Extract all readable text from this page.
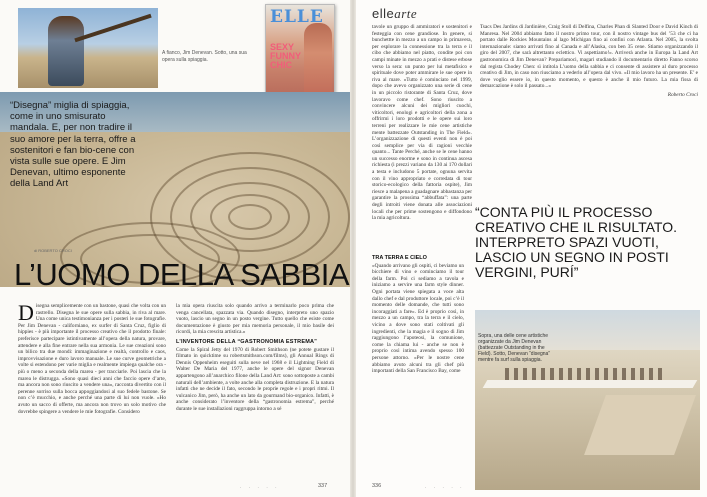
A fianco, Jim Denevan. Sotto, una sua opera sulla spiaggia.
ELLE
SEXY
FUNNY
CHIC
“Disegna” miglia di spiaggia, come in uno smisurato mandala. E, per non tradire il suo amore per la terra, offre a sostenitori e fan bio-cene con vista sulle sue opere. E Jim Denevan, ultimo esponente della Land Art
di ROBERTO CROCI
L’UOMO DELLA SABBIA

Disegna semplicemente con un bastone, quasi che volta con un rastrello. Disegna le sue opere sulla sabbia, in riva al mare. Una come unica testimonianza per i posteri le sue fotografie. Per Jim Denevan - californiano, ex surfer di Santa Cruz, figlio di hippies - è più importante il processo creativo che il prodotto finale: preferisce partecipare istintivamente all’opera della natura, provare, attendere e alla fine entrare nella sua armonia. Le sue creazioni sono un bilico tra due mondi: immaginazione e realtà, controllo e caos, improvvisazione e duro lavoro manuale. Le sue curve geometriche a volte si estendono per varie miglia e realmente impiega qualche ora - più o meno a seconda della marea - per tracciarle. Poi lascia che la marea le distrugga. «Sono quasi dieci anni che faccio opere d’arte, ma ancora non sono riuscito a vendere una», racconta divertito con il perenne sorriso sulla bocca appoggiandosi al suo fedele bastone. Se non c’è mucchio, e anche perché una parte di lui non vuole. «Ho avuto un sacco di offerte, ma ancora non trovo un solo motivo che dovrebbe spingere a vendere le mie fotografie. Considero

la mia opera riuscita solo quando arrivo a terminarlo poco prima che venga cancellata, spazzata via. Quando disegno, interpreto uno spazio vuoto, lascio un segno in un posto vergine. Tutto quello che esiste come documentazione è giusto per mia memoria personale, il mio basile dei ricordi, la mia crescita artistica.»

L’INVENTORE DELLA “GASTRONOMIA ESTREMA”

Come la Spiral Jetty del 1970 di Robert Smithson (ne potete gustare il filmato in quicktime su robertsmithson.com/films), gli Annual Rings di Dennis Oppenheim eseguiti sulla neve nel 1968 e il Lightning Field di Walter De Maria del 1977, anche le opere del signor Denevan appartengono all’anarchico filone della Land Art: sono sottoposte a cambi naturali dell’ambiente, a volte anche alla completa distruzione. E la natura infatti che ne decide il fato, secondo le proprie regole e i propri ritmi. Il vulcanico Jim, però, ha anche un lato da gourmand bio-organico. Infatti, è anche considerato l’inventore della “gastronomia estrema”, perché durante le sue installazioni raggruppa intorno a sé

. . . . .	337
ellearte
tavole un gruppo di ammiratori e sostenitori e festeggia con cene grandiose. In genere, si bunchettte in mezzo a un campo in primavera, per esplorare la connessione tra la terra e il cibo che abbiamo nel piatto, condite poi con campi minate in mezzo a prati e distese erbose verso la sera: un punto per lui metafisico e spirituale dove poter ammirare le sue opere in riva al mare. «Tutto è cominciato nel 1999, dopo che avevo organizzato una serie di cene in un piccolo ristorante di Santa Cruz, dove lavoravo come chef. Sono riuscito a convincere alcuni dei migliori cuochi, viticoltori, enologi e agricoltori della zona a offrirmi i loro prodotti e le opere sui loro terreni per realizzare le mie cene artistiche mente battezzate Outstanding in The Field». L’organizzazione di questi eventi non è poi così semplice per via di ragioni vecchie quanto... Tante Perché, anche se le cene hanno un successo enorme e sono in continua ascesa richiesta (i prezzi variano da 130 ai 170 dollari a testa e includono 5 portate, ognuna servita con il vino appropriato e corredata di tour storico-ecologico della fattoria ospite), Jim riesce a malapena a guadagnare abbastanza per garantire la prossima “abbuffata”: una parte degli introiti viene donata alle associazioni locali che per prime sostengono e diffondono la mia agricoltura.

Tsacs Des Jardins di Jardinière, Craig Stoll di Delfina, Charles Phan di Slanted Door e David Kinch di Manresa. Nel 2004 abbiamo fatto il nostro primo tour, con il nostro vintage bus del ’53 che ci ha portato dalle Rockies Mountains al lago Michigan fino ai confini con Atlanta. Nel 2005, la svolta internazionale: siamo arrivati fino al Canada e all’Alaska, con ben 35 cene. Stiamo organizzando il giro del 2007, che sarà altrettanto eclettico. Vi aspettiamo!». Arriverà anche in Europa la Land Art gastronomica di Jim Denevan? Prepariamoci, magari studiando il documentario diretto Fanno scorso dal regista Chodey Chen: sì intitola L’uomo della sabbia e ci consente di assistere al duro processo creativo di Jim, in caso non riusciamo a vederlo all’opera dal vivo. «Il mio lavoro ha un presente. E’ e dove voglio essere io, in questo momento, e questo è anche il mio futuro. La mia fissa di demarcazione è solo il passato...»

Roberto Croci

“CONTA PIÙ IL PROCESSO CREATIVO CHE IL RISULTATO. INTERPRETO SPAZI VUOTI, LASCIO UN SEGNO IN POSTI VERGINI, PURÍ”
TRA TERRA E CIELO

«Quando arrivano gli ospiti, ci beviamo un bicchiere di vino e cominciamo il tour della farm. Poi ci sediamo a tavola e iniziamo a servire una farm style dinner. Ogni portata viene spiegata a voce alta dallo chef e dal produttore locale, poi c’è il momento delle domande, che tutti sono incoraggiati a fare». Ed è proprio così, in mezzo a un campo, tra la terra e il cielo, vicino a dove sono stati coltivati gli ingredienti, che la magia e il sogno di Jim raggiungono l’apoteosi, la comunione, come la chiama lui - anche se non è proprio così intima avendo spesso 100 persone attorno. «Per le nostre cene abbiamo avuto alcuni tra gli chef più importanti della San Francisco Bay, come

Sopra, una delle cene artistiche organizzate da Jim Denevan (battezzate Outstanding in the Field). Sotto, Denevan “disegna” mentre fa surf sulla spiaggia.
. . . . .
336
